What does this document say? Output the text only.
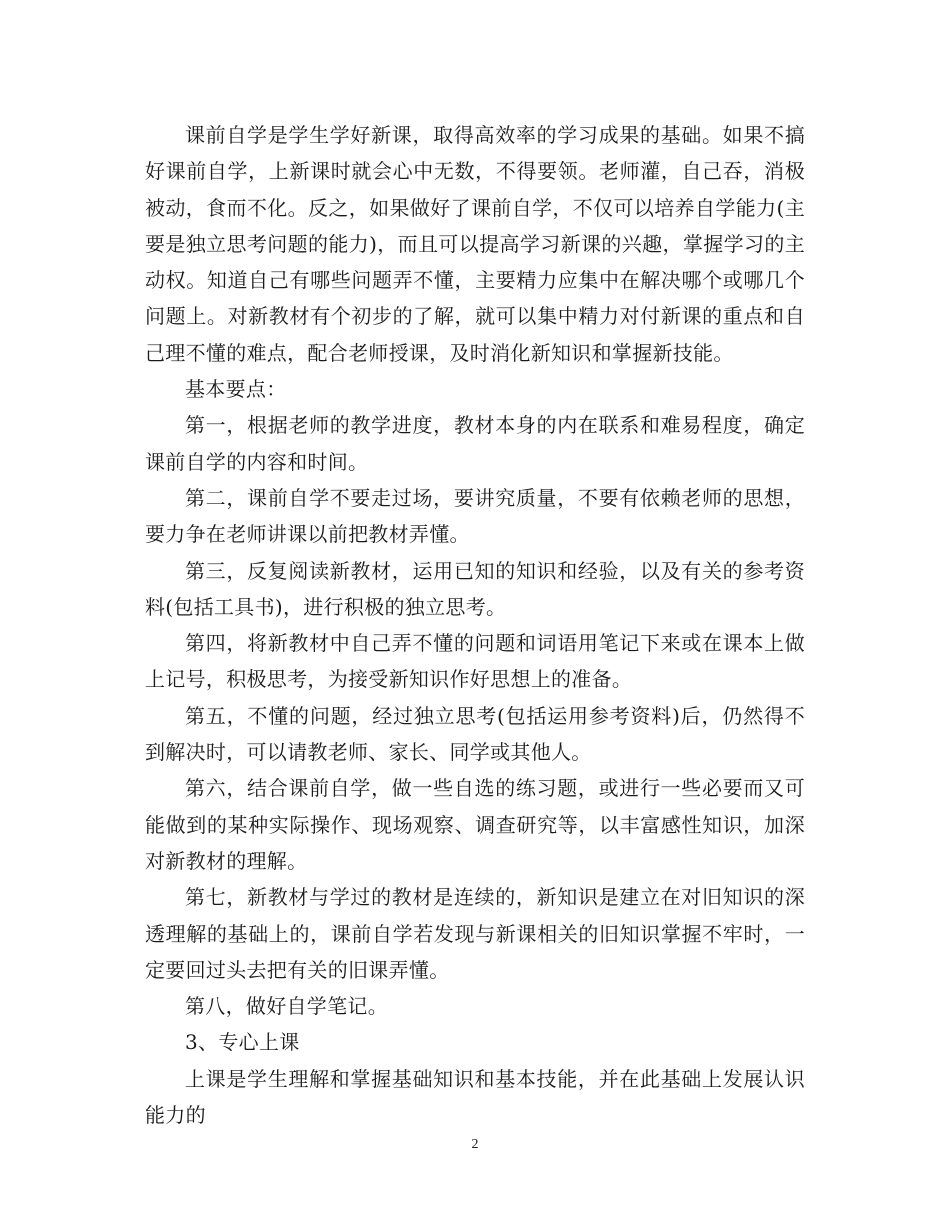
课前自学是学生学好新课，取得高效率的学习成果的基础。如果不搞好课前自学，上新课时就会心中无数，不得要领。老师灌，自己吞，消极被动，食而不化。反之，如果做好了课前自学，不仅可以培养自学能力(主要是独立思考问题的能力)，而且可以提高学习新课的兴趣，掌握学习的主动权。知道自己有哪些问题弄不懂，主要精力应集中在解决哪个或哪几个问题上。对新教材有个初步的了解，就可以集中精力对付新课的重点和自己理不懂的难点，配合老师授课，及时消化新知识和掌握新技能。

基本要点：

第一，根据老师的教学进度，教材本身的内在联系和难易程度，确定课前自学的内容和时间。

第二，课前自学不要走过场，要讲究质量，不要有依赖老师的思想，要力争在老师讲课以前把教材弄懂。

第三，反复阅读新教材，运用已知的知识和经验，以及有关的参考资料(包括工具书)，进行积极的独立思考。

第四，将新教材中自己弄不懂的问题和词语用笔记下来或在课本上做上记号，积极思考，为接受新知识作好思想上的准备。

第五，不懂的问题，经过独立思考(包括运用参考资料)后，仍然得不到解决时，可以请教老师、家长、同学或其他人。

第六，结合课前自学，做一些自选的练习题，或进行一些必要而又可能做到的某种实际操作、现场观察、调查研究等，以丰富感性知识，加深对新教材的理解。

第七，新教材与学过的教材是连续的，新知识是建立在对旧知识的深透理解的基础上的，课前自学若发现与新课相关的旧知识掌握不牢时，一定要回过头去把有关的旧课弄懂。

第八，做好自学笔记。

3、专心上课

上课是学生理解和掌握基础知识和基本技能，并在此基础上发展认识能力的

2
